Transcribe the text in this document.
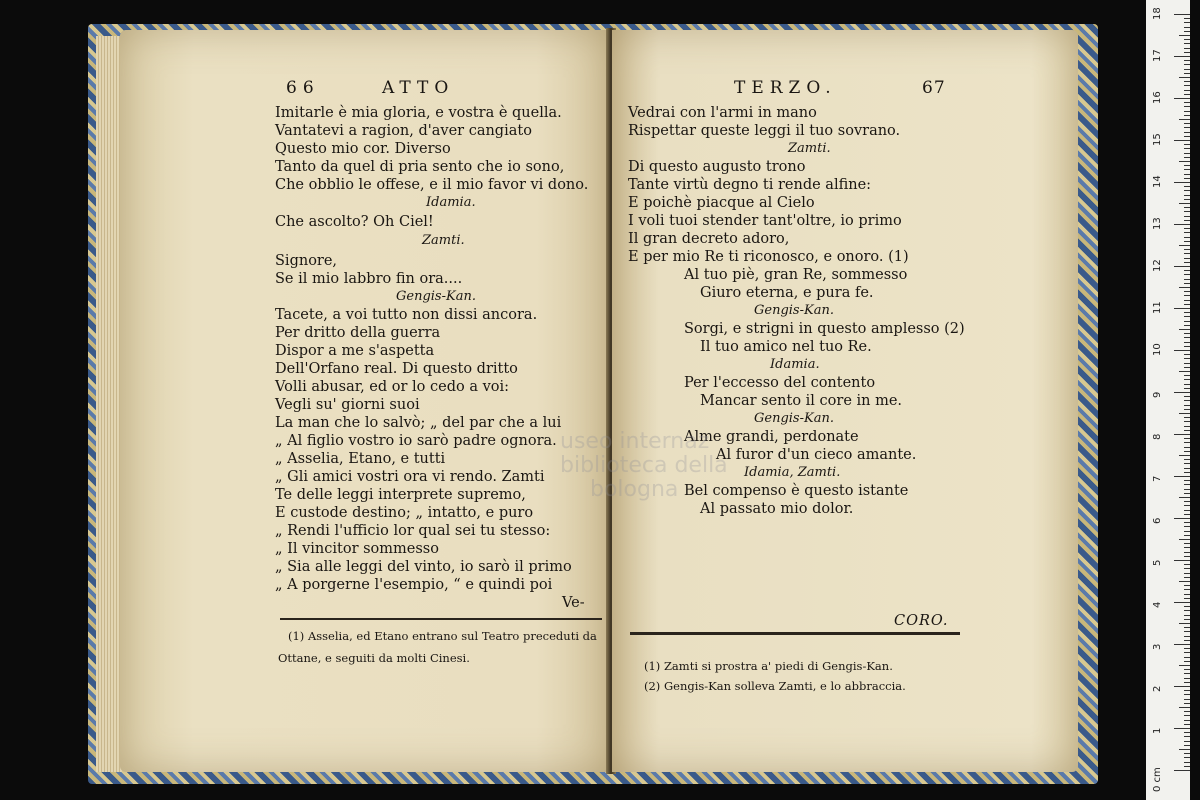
66	ATTO
Imitarle è mia gloria, e vostra è quella.
Vantatevi a ragion, d'aver cangiato
Questo mio cor. Diverso
Tanto da quel di pria sento che io sono,
Che obblio le offese, e il mio favor vi dono.
Idamia.
Che ascolto? Oh Ciel!
Zamti.
Signore,
Se il mio labbro fin ora....
Gengis-Kan.
Tacete, a voi tutto non dissi ancora.
Per dritto della guerra
Dispor a me s'aspetta
Dell'Orfano real. Di questo dritto
Volli abusar, ed or lo cedo a voi:
Vegli su' giorni suoi
La man che lo salvò; „ del par che a lui
„ Al figlio vostro io sarò padre ognora.
„ Asselia, Etano, e tutti
„ Gli amici vostri ora vi rendo. Zamti
Te delle leggi interprete supremo,
E custode destino; „ intatto, e puro
„ Rendi l'ufficio lor qual sei tu stesso:
„ Il vincitor sommesso
„ Sia alle leggi del vinto, io sarò il primo
„ A porgerne l'esempio, “ e quindi poi
Ve-
(1) Asselia, ed Etano entrano sul Teatro preceduti da
Ottane, e seguiti da molti Cinesi.
TERZO.	67
Vedrai con l'armi in mano
Rispettar queste leggi il tuo sovrano.
Zamti.
Di questo augusto trono
Tante virtù degno ti rende alfine:
E poichè piacque al Cielo
I voli tuoi stender tant'oltre, io primo
Il gran decreto adoro,
E per mio Re ti riconosco, e onoro. (1)
Al tuo piè, gran Re, sommesso
Giuro eterna, e pura fe.
Gengis-Kan.
Sorgi, e strigni in questo amplesso (2)
Il tuo amico nel tuo Re.
Idamia.
Per l'eccesso del contento
Mancar sento il core in me.
Gengis-Kan.
Alme grandi, perdonate
Al furor d'un cieco amante.
Idamia, Zamti.
Bel compenso è questo istante
Al passato mio dolor.
CORO.
(1) Zamti si prostra a' piedi di Gengis-Kan.
(2) Gengis-Kan solleva Zamti, e lo abbraccia.
useo internaz
biblioteca della
bologna
0 cm
1
2
3
4
5
6
7
8
9
10
11
12
13
14
15
16
17
18
